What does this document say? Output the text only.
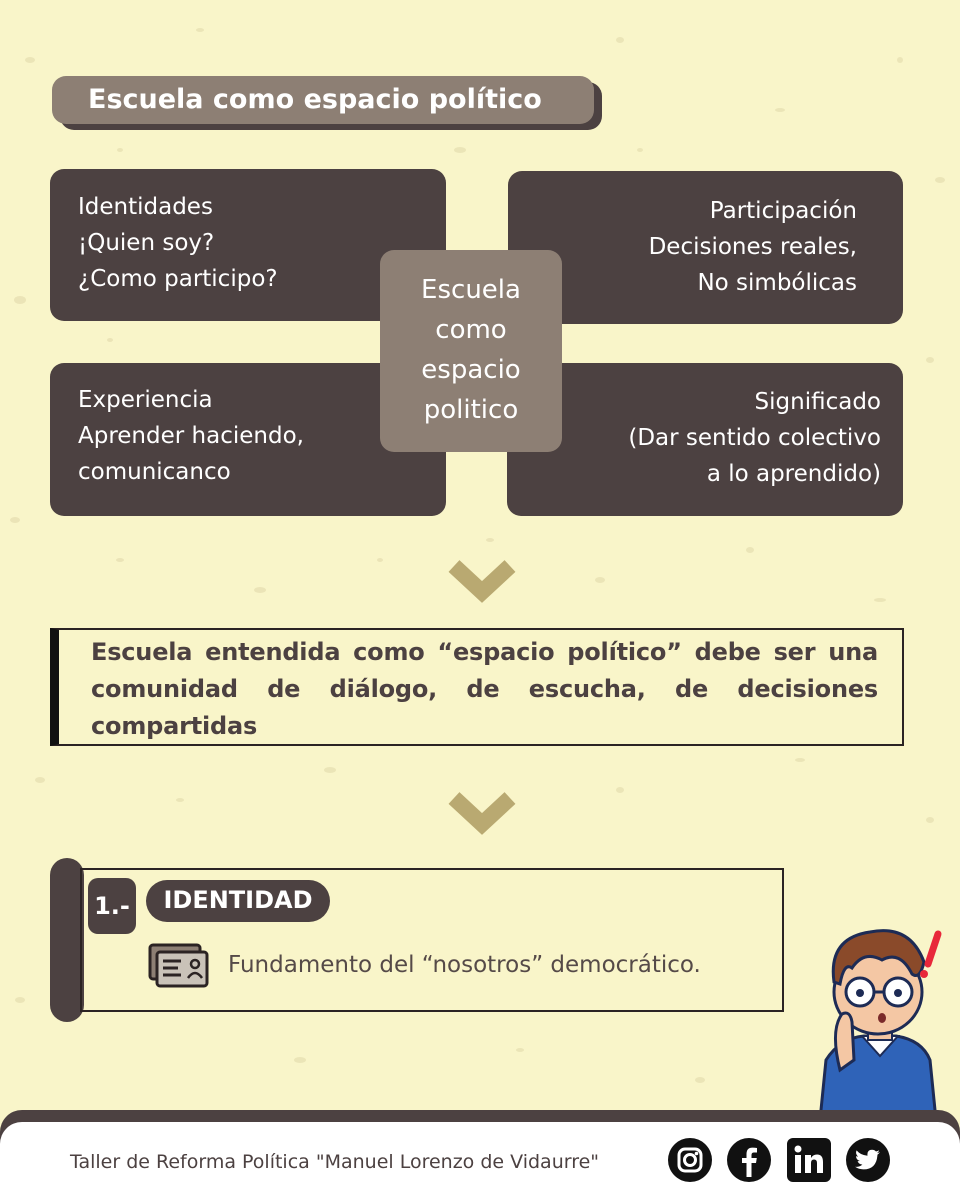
Escuela como espacio político
Identidades
¡Quien soy?
¿Como participo?
Participación
Decisiones reales,
No simbólicas
Experiencia
Aprender haciendo,
comunicanco
Significado
(Dar sentido colectivo
a lo aprendido)
Escuela
como
espacio
politico

Escuela entendida como “espacio político” debe ser una comunidad de diálogo, de escucha, de decisiones compartidas

1.-	IDENTIDAD
Fundamento del “nosotros” democrático.
Taller de Reforma Política "Manuel Lorenzo de Vidaurre"
